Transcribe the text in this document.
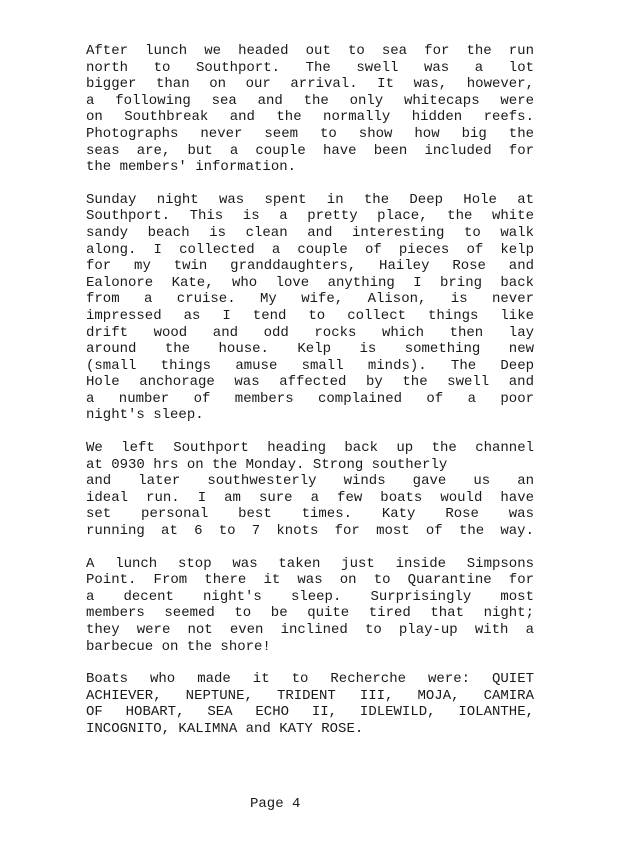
After lunch we headed out to sea for the run
north to Southport. The swell was a lot
bigger than on our arrival. It was, however,
a following sea and the only whitecaps were
on Southbreak and the normally hidden reefs.
Photographs never seem to show how big the
seas are, but a couple have been included for
the members' information.
Sunday night was spent in the Deep Hole at
Southport. This is a pretty place, the white
sandy beach is clean and interesting to walk
along. I collected a couple of pieces of kelp
for my twin granddaughters, Hailey Rose and
Ealonore Kate, who love anything I bring back
from a cruise. My wife, Alison, is never
impressed as I tend to collect things like
drift wood and odd rocks which then lay
around the house. Kelp is something new
(small things amuse small minds). The Deep
Hole anchorage was affected by the swell and
a number of members complained of a poor
night's sleep.
We left Southport heading back up the channel
at 0930 hrs on the Monday. Strong southerly
and later southwesterly winds gave us an
ideal run. I am sure a few boats would have
set personal best times. Katy Rose was
running at 6 to 7 knots for most of the way.
A lunch stop was taken just inside Simpsons
Point. From there it was on to Quarantine for
a decent night's sleep. Surprisingly most
members seemed to be quite tired that night;
they were not even inclined to play-up with a
barbecue on the shore!
Boats who made it to Recherche were: QUIET
ACHIEVER, NEPTUNE, TRIDENT III, MOJA, CAMIRA
OF HOBART, SEA ECHO II, IDLEWILD, IOLANTHE,
INCOGNITO, KALIMNA and KATY ROSE.
Page 4
